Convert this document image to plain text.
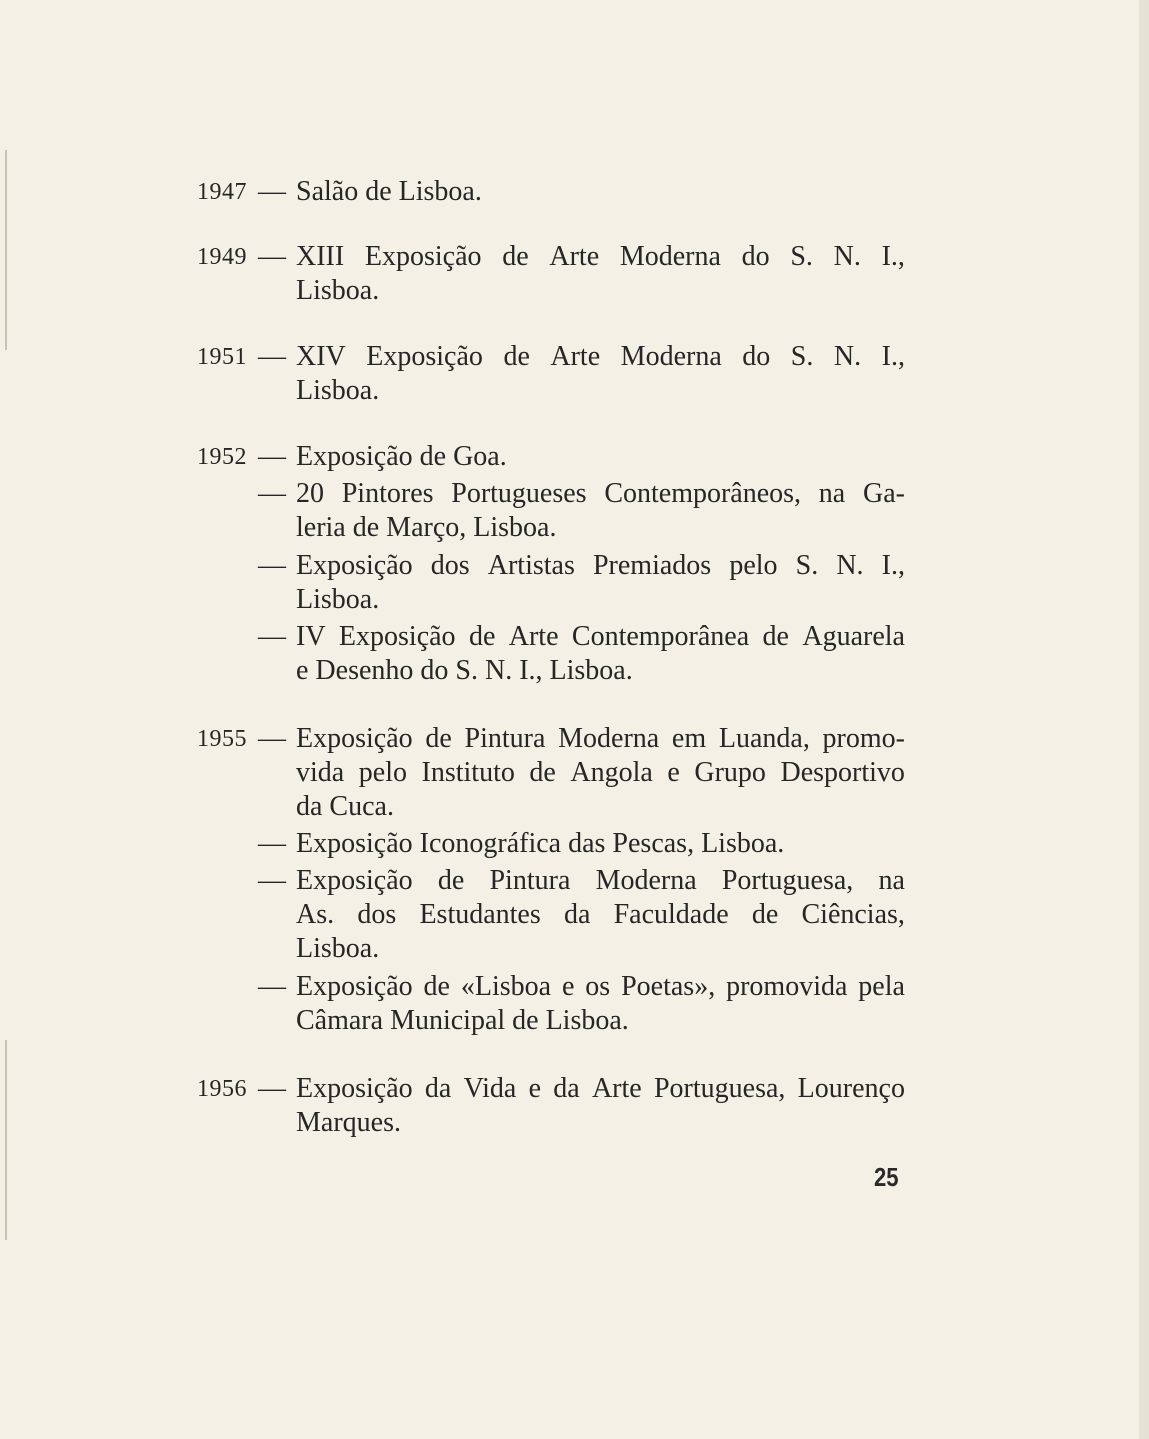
1947 — Salão de Lisboa.
1949 — XIII Exposição de Arte Moderna do S. N. I.,
Lisboa.
1951 — XIV Exposição de Arte Moderna do S. N. I.,
Lisboa.
1952 — Exposição de Goa.
— 20 Pintores Portugueses Contemporâneos, na Ga-
leria de Março, Lisboa.
— Exposição dos Artistas Premiados pelo S. N. I.,
Lisboa.
— IV Exposição de Arte Contemporânea de Aguarela
e Desenho do S. N. I., Lisboa.
1955 — Exposição de Pintura Moderna em Luanda, promo-
vida pelo Instituto de Angola e Grupo Desportivo
da Cuca.
— Exposição Iconográfica das Pescas, Lisboa.
— Exposição de Pintura Moderna Portuguesa, na
As. dos Estudantes da Faculdade de Ciências,
Lisboa.
— Exposição de «Lisboa e os Poetas», promovida pela
Câmara Municipal de Lisboa.
1956 — Exposição da Vida e da Arte Portuguesa, Lourenço
Marques.
25
